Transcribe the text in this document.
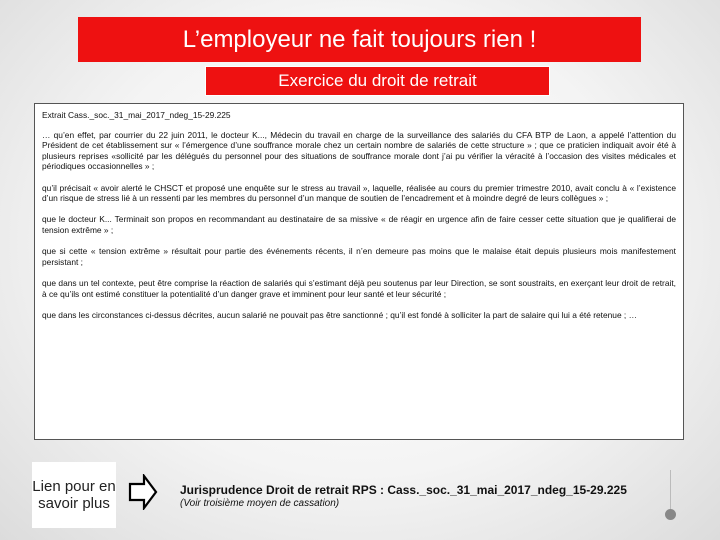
L’employeur ne fait toujours rien !
Exercice du droit de retrait

Extrait Cass._soc._31_mai_2017_ndeg_15-29.225

… qu’en effet, par courrier du 22 juin 2011, le docteur K..., Médecin du travail en charge de la surveillance des salariés du CFA BTP de Laon, a appelé l’attention du Président de cet établissement sur « l’émergence d’une souffrance morale chez un certain nombre de salariés de cette structure » ; que ce praticien indiquait avoir été à plusieurs reprises «sollicité par les délégués du personnel pour des situations de souffrance morale dont j’ai pu vérifier la véracité à l’occasion des visites médicales et périodiques occasionnelles » ;

qu’il précisait « avoir alerté le CHSCT et proposé une enquête sur le stress au travail », laquelle, réalisée au cours du premier trimestre 2010, avait conclu à « l’existence d’un risque de stress lié à un ressenti par les membres du personnel d’un manque de soutien de l’encadrement et à moindre degré de leurs collègues » ;

que le docteur K... Terminait son propos en recommandant au destinataire de sa missive « de réagir en urgence afin de faire cesser cette situation que je qualifierai de tension extrême » ;

que si cette « tension extrême » résultait pour partie des événements récents, il n’en demeure pas moins que le malaise était depuis plusieurs mois manifestement persistant ;

que dans un tel contexte, peut être comprise la réaction de salariés qui s’estimant déjà peu soutenus par leur Direction, se sont soustraits, en exerçant leur droit de retrait, à ce qu’ils ont estimé constituer la potentialité d’un danger grave et imminent pour leur santé et leur sécurité ;

que dans les circonstances ci-dessus décrites, aucun salarié ne pouvait pas être sanctionné ; qu’il est fondé à solliciter la part de salaire qui lui a été retenue ; …

Lien pour en savoir plus
Jurisprudence Droit de retrait RPS : Cass._soc._31_mai_2017_ndeg_15-29.225
(Voir troisième moyen de cassation)
